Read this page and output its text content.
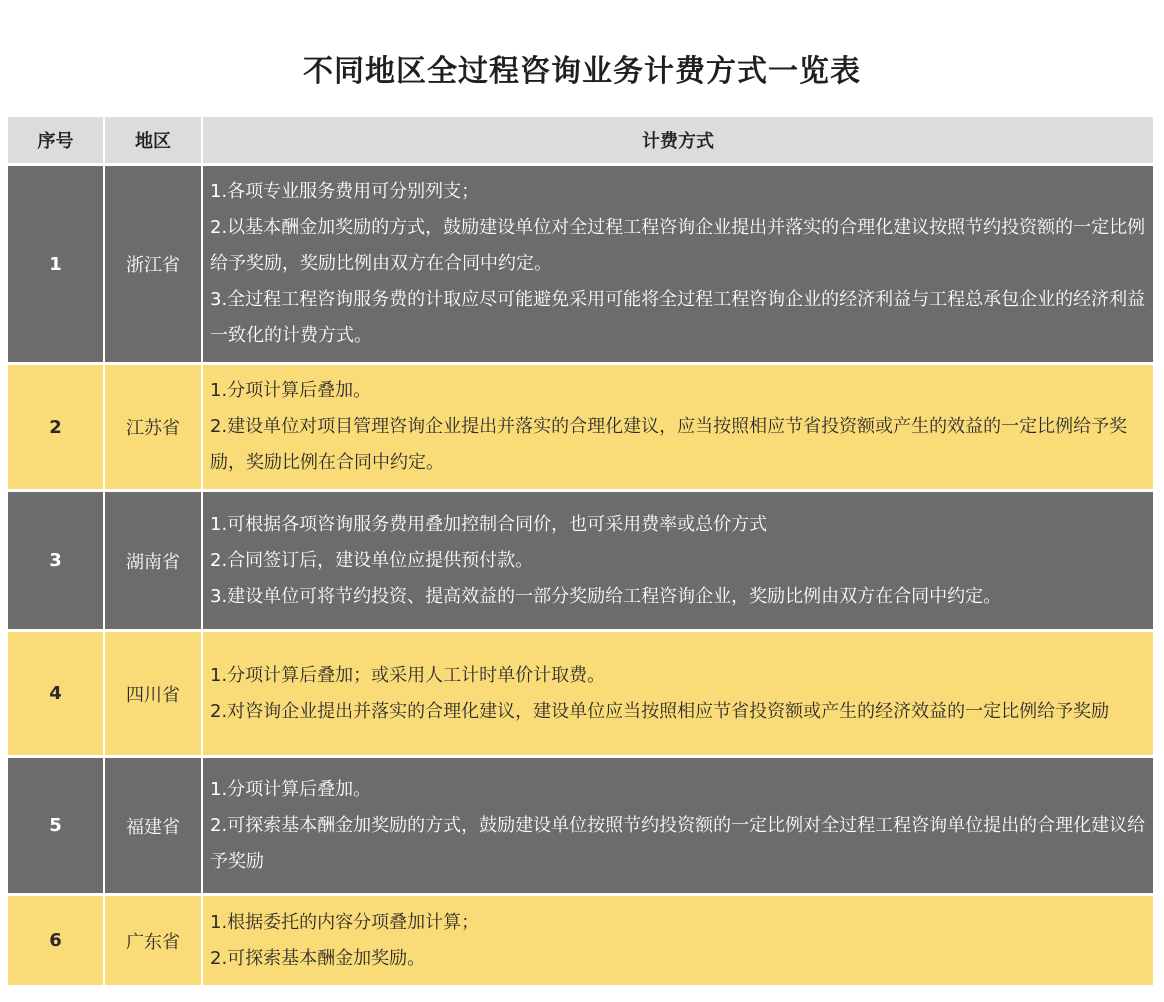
不同地区全过程咨询业务计费方式一览表
序号	地区	计费方式
1	浙江省	1.各项专业服务费用可分别列支；
2.以基本酬金加奖励的方式，鼓励建设单位对全过程工程咨询企业提出并落实的合理化建议按照节约投资额的一定比例给予奖励，奖励比例由双方在合同中约定。
3.全过程工程咨询服务费的计取应尽可能避免采用可能将全过程工程咨询企业的经济利益与工程总承包企业的经济利益一致化的计费方式。

2	江苏省	1.分项计算后叠加。
2.建设单位对项目管理咨询企业提出并落实的合理化建议，应当按照相应节省投资额或产生的效益的一定比例给予奖励，奖励比例在合同中约定。

3	湖南省	1.可根据各项咨询服务费用叠加控制合同价，也可采用费率或总价方式
2.合同签订后，建设单位应提供预付款。
3.建设单位可将节约投资、提高效益的一部分奖励给工程咨询企业，奖励比例由双方在合同中约定。

4	四川省	1.分项计算后叠加；或采用人工计时单价计取费。
2.对咨询企业提出并落实的合理化建议，建设单位应当按照相应节省投资额或产生的经济效益的一定比例给予奖励

5	福建省	1.分项计算后叠加。
2.可探索基本酬金加奖励的方式，鼓励建设单位按照节约投资额的一定比例对全过程工程咨询单位提出的合理化建议给予奖励

6	广东省	1.根据委托的内容分项叠加计算；
2.可探索基本酬金加奖励。
